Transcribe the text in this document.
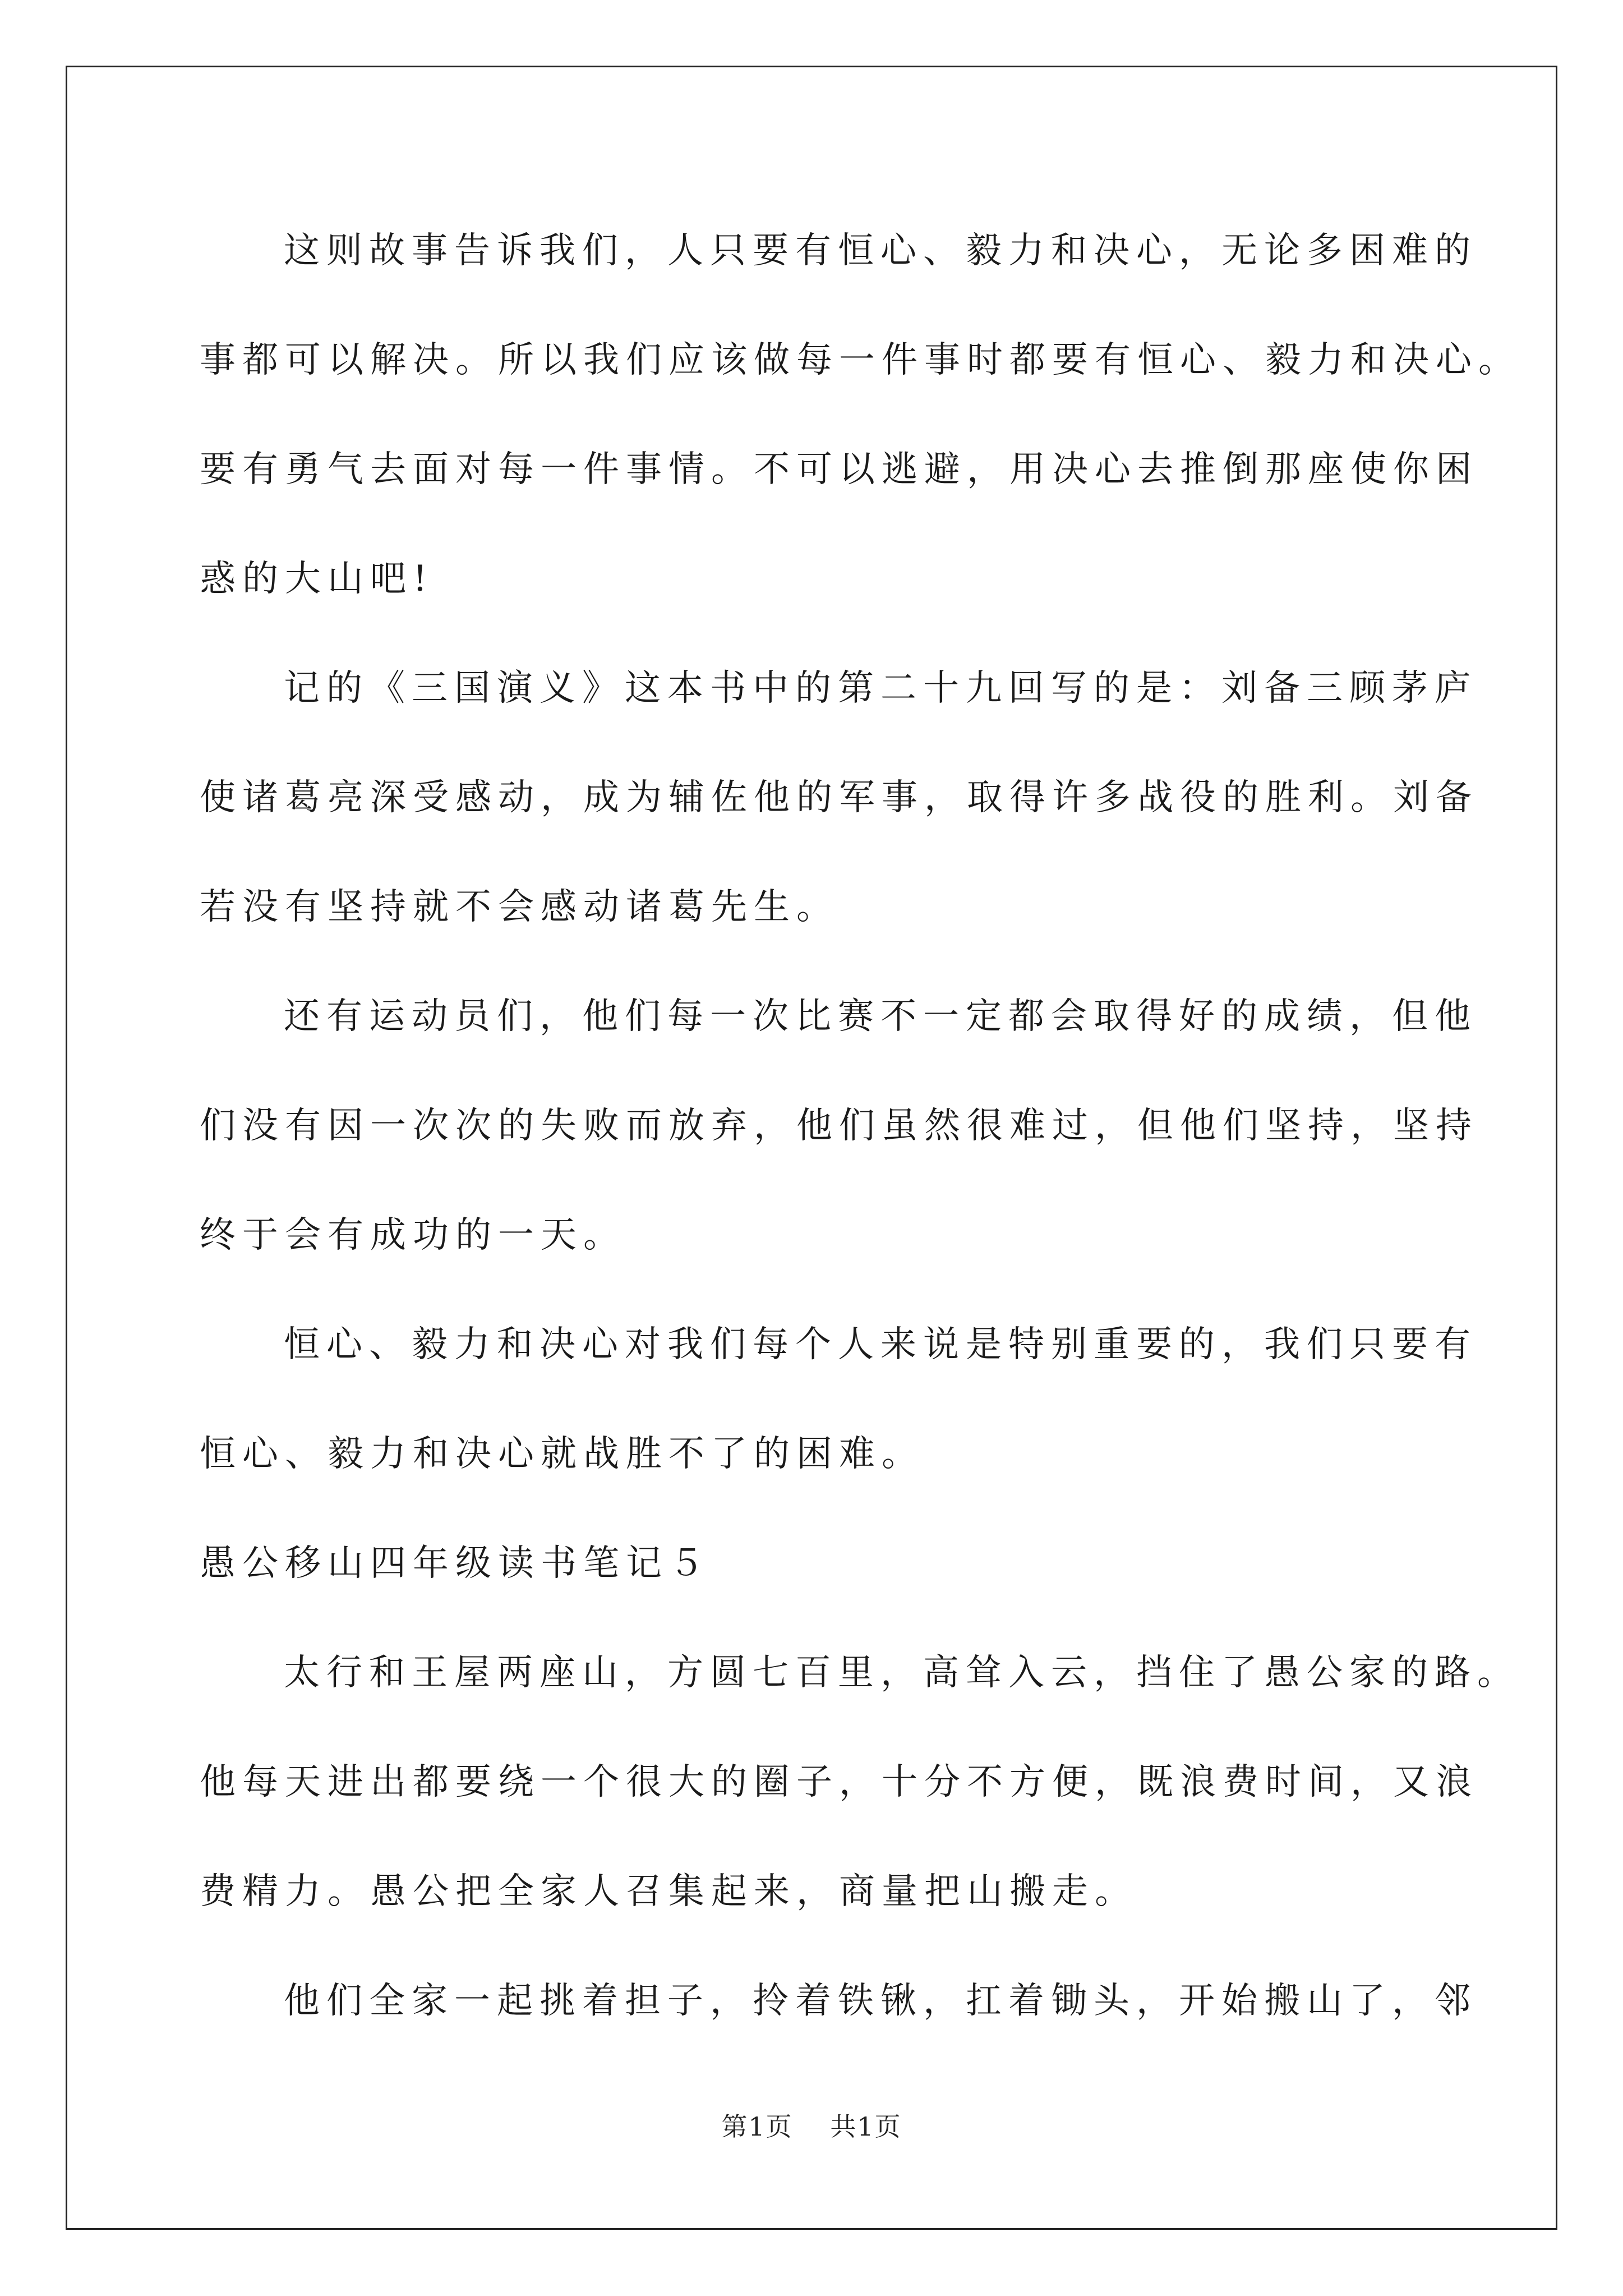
这则故事告诉我们，人只要有恒心、毅力和决心，无论多困难的
事都可以解决。所以我们应该做每一件事时都要有恒心、毅力和决心。
要有勇气去面对每一件事情。不可以逃避，用决心去推倒那座使你困
惑的大山吧!
记的《三国演义》这本书中的第二十九回写的是：刘备三顾茅庐
使诸葛亮深受感动，成为辅佐他的军事，取得许多战役的胜利。刘备
若没有坚持就不会感动诸葛先生。
还有运动员们，他们每一次比赛不一定都会取得好的成绩，但他
们没有因一次次的失败而放弃，他们虽然很难过，但他们坚持，坚持
终于会有成功的一天。
恒心、毅力和决心对我们每个人来说是特别重要的，我们只要有
恒心、毅力和决心就战胜不了的困难。
愚公移山四年级读书笔记５
太行和王屋两座山，方圆七百里，高耸入云，挡住了愚公家的路。
他每天进出都要绕一个很大的圈子，十分不方便，既浪费时间，又浪
费精力。愚公把全家人召集起来，商量把山搬走。
他们全家一起挑着担子，拎着铁锹，扛着锄头，开始搬山了，邻
第1页 共1页
